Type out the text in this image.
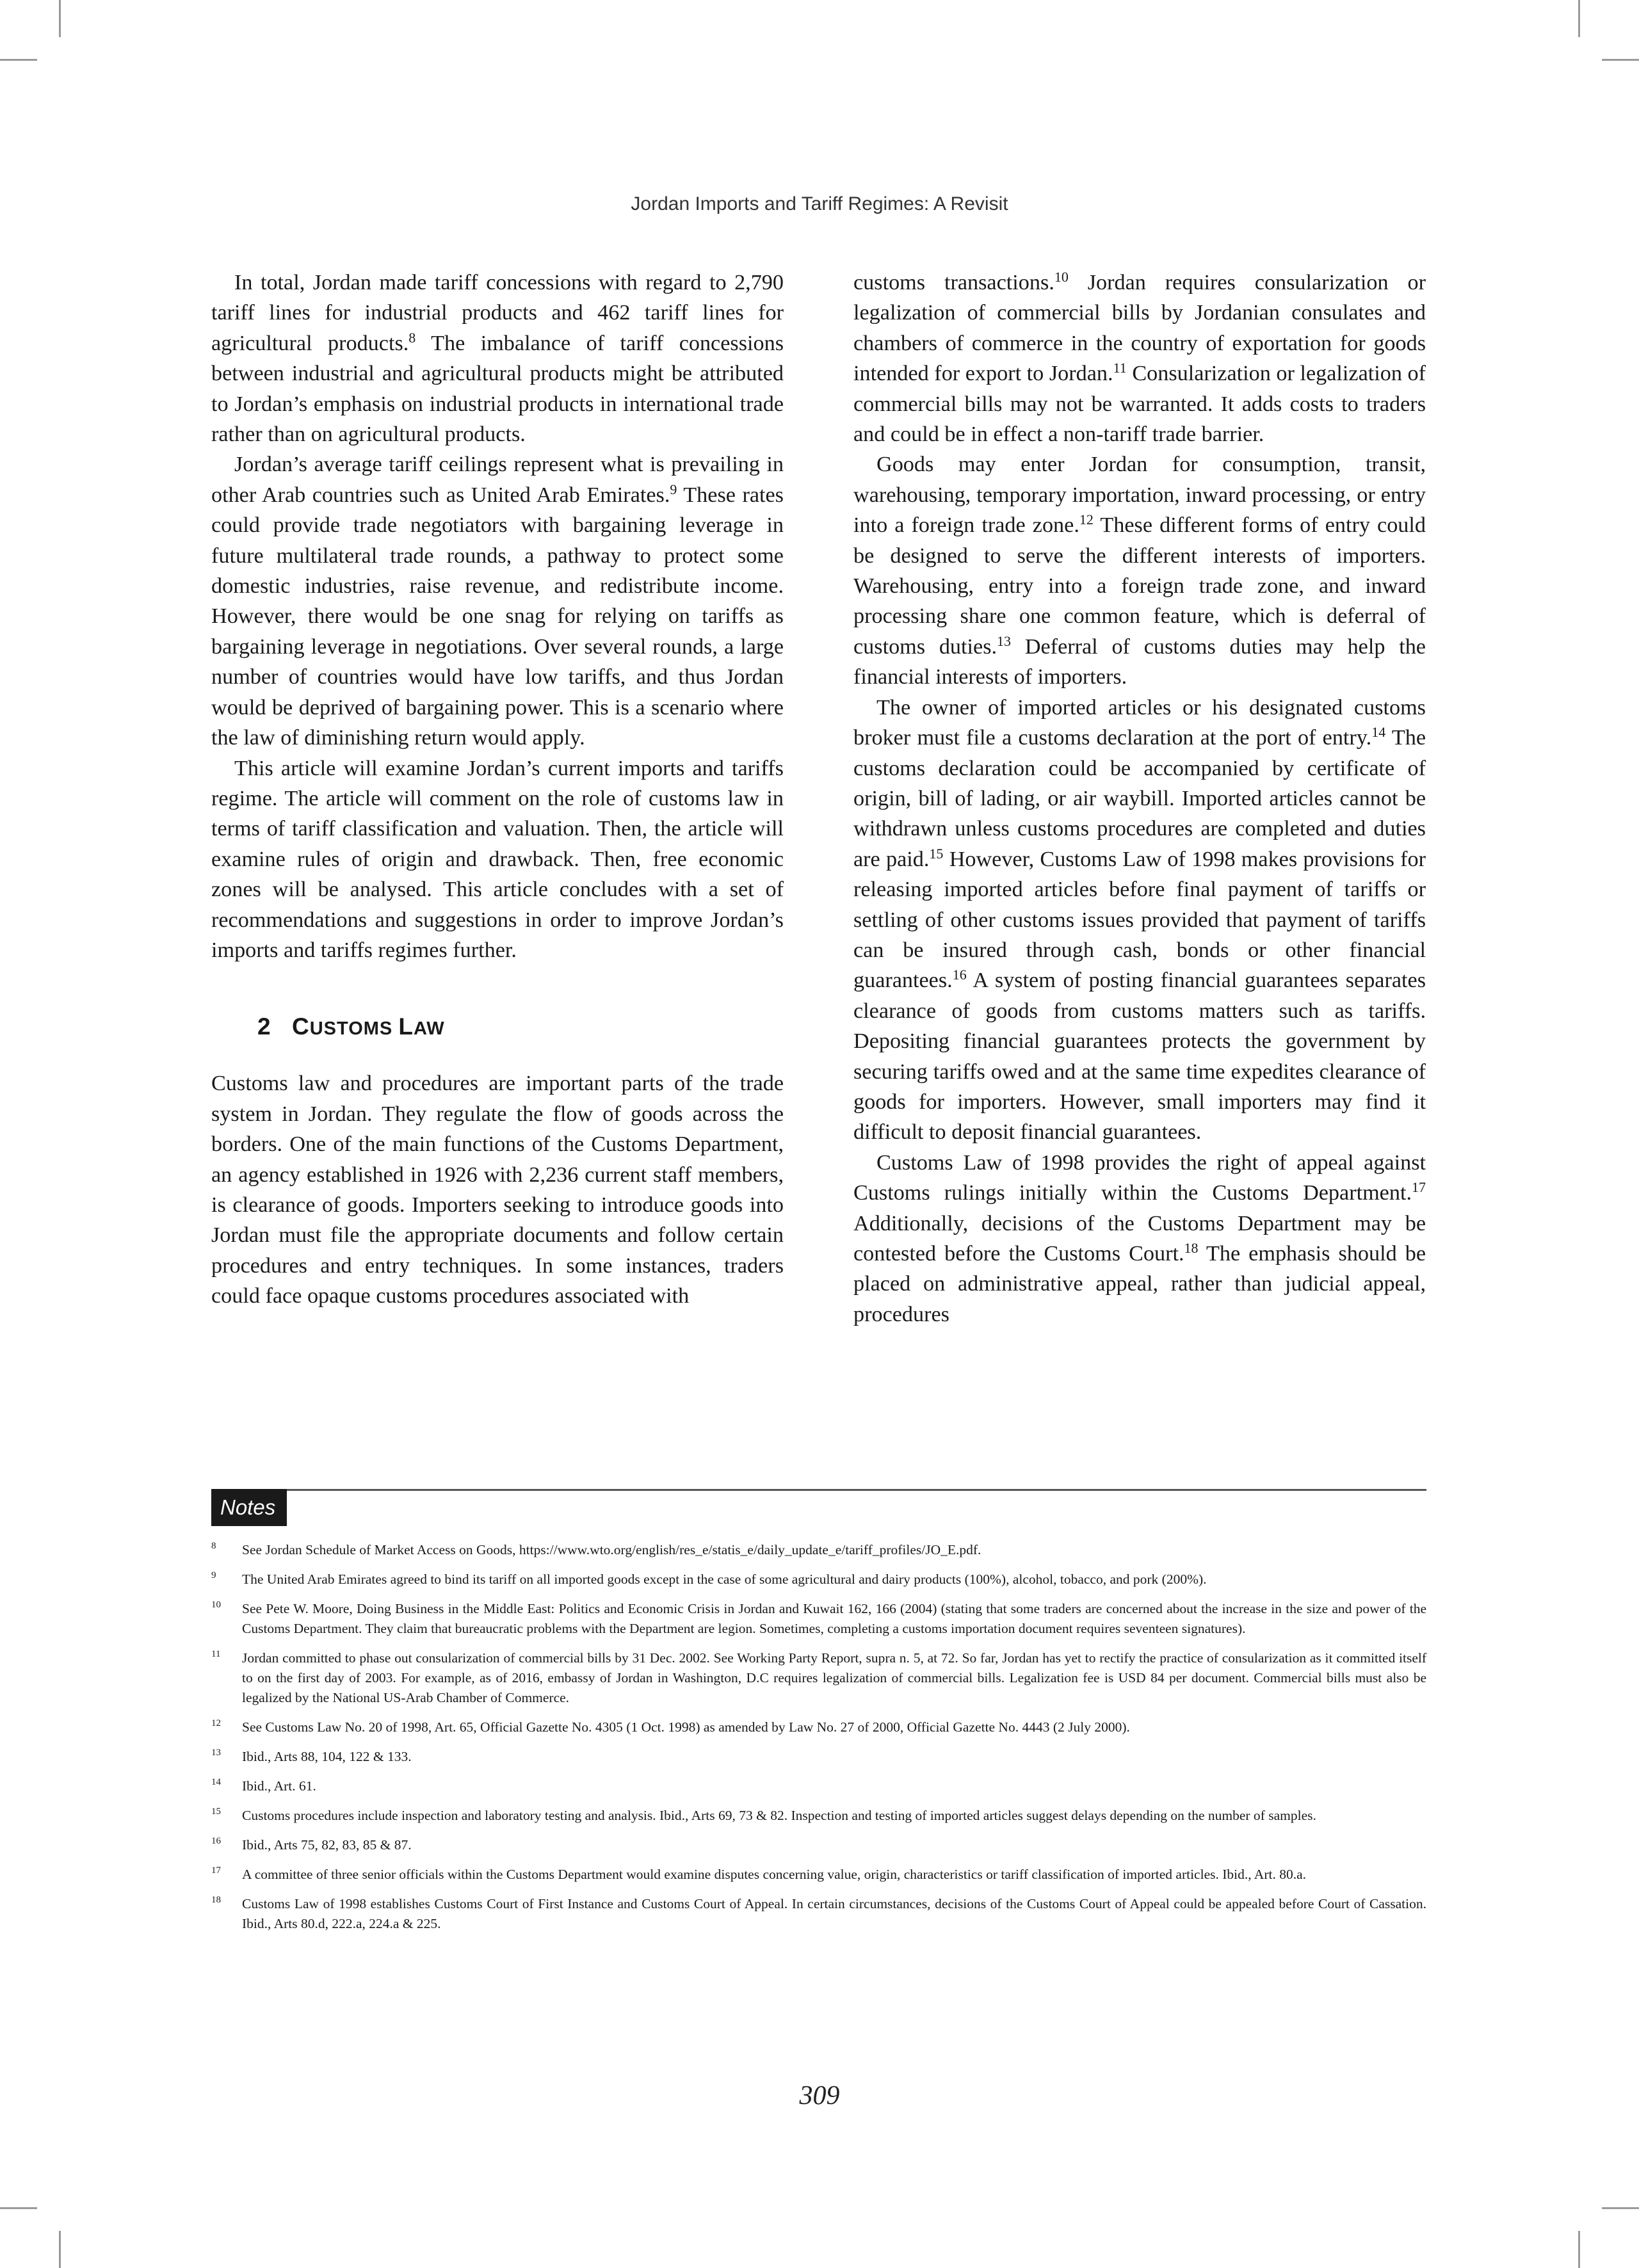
Jordan Imports and Tariff Regimes: A Revisit

In total, Jordan made tariff concessions with regard to 2,790 tariff lines for industrial products and 462 tariff lines for agricultural products.$^8$ The imbalance of tariff concessions between industrial and agricultural products might be attributed to Jordan’s emphasis on industrial products in international trade rather than on agricultural products.

Jordan’s average tariff ceilings represent what is prevailing in other Arab countries such as United Arab Emirates.$^9$ These rates could provide trade negotiators with bargaining leverage in future multilateral trade rounds, a pathway to protect some domestic industries, raise revenue, and redistribute income. However, there would be one snag for relying on tariffs as bargaining leverage in negotiations. Over several rounds, a large number of countries would have low tariffs, and thus Jordan would be deprived of bargaining power. This is a scenario where the law of diminishing return would apply.

This article will examine Jordan’s current imports and tariffs regime. The article will comment on the role of customs law in terms of tariff classification and valuation. Then, the article will examine rules of origin and drawback. Then, free economic zones will be analysed. This article concludes with a set of recommendations and suggestions in order to improve Jordan’s imports and tariffs regimes further.

2 CUSTOMS LAW

Customs law and procedures are important parts of the trade system in Jordan. They regulate the flow of goods across the borders. One of the main functions of the Customs Department, an agency established in 1926 with 2,236 current staff members, is clearance of goods. Importers seeking to introduce goods into Jordan must file the appropriate documents and follow certain procedures and entry techniques. In some instances, traders could face opaque customs procedures associated with

customs transactions.$^{10}$ Jordan requires consularization or legalization of commercial bills by Jordanian consulates and chambers of commerce in the country of exportation for goods intended for export to Jordan.$^{11}$ Consularization or legalization of commercial bills may not be warranted. It adds costs to traders and could be in effect a non-tariff trade barrier.

Goods may enter Jordan for consumption, transit, warehousing, temporary importation, inward processing, or entry into a foreign trade zone.$^{12}$ These different forms of entry could be designed to serve the different interests of importers. Warehousing, entry into a foreign trade zone, and inward processing share one common feature, which is deferral of customs duties.$^{13}$ Deferral of customs duties may help the financial interests of importers.

The owner of imported articles or his designated customs broker must file a customs declaration at the port of entry.$^{14}$ The customs declaration could be accompanied by certificate of origin, bill of lading, or air waybill. Imported articles cannot be withdrawn unless customs procedures are completed and duties are paid.$^{15}$ However, Customs Law of 1998 makes provisions for releasing imported articles before final payment of tariffs or settling of other customs issues provided that payment of tariffs can be insured through cash, bonds or other financial guarantees.$^{16}$ A system of posting financial guarantees separates clearance of goods from customs matters such as tariffs. Depositing financial guarantees protects the government by securing tariffs owed and at the same time expedites clearance of goods for importers. However, small importers may find it difficult to deposit financial guarantees.

Customs Law of 1998 provides the right of appeal against Customs rulings initially within the Customs Department.$^{17}$ Additionally, decisions of the Customs Department may be contested before the Customs Court.$^{18}$ The emphasis should be placed on administrative appeal, rather than judicial appeal, procedures

Notes
8	See Jordan Schedule of Market Access on Goods, https://www.wto.org/english/res_e/statis_e/daily_update_e/tariff_profiles/JO_E.pdf.
9	The United Arab Emirates agreed to bind its tariff on all imported goods except in the case of some agricultural and dairy products (100%), alcohol, tobacco, and pork (200%).
10	See Pete W. Moore, Doing Business in the Middle East: Politics and Economic Crisis in Jordan and Kuwait 162, 166 (2004) (stating that some traders are concerned about the increase in the size and power of the Customs Department. They claim that bureaucratic problems with the Department are legion. Sometimes, completing a customs importation document requires seventeen signatures).
11	Jordan committed to phase out consularization of commercial bills by 31 Dec. 2002. See Working Party Report, supra n. 5, at 72. So far, Jordan has yet to rectify the practice of consularization as it committed itself to on the first day of 2003. For example, as of 2016, embassy of Jordan in Washington, D.C requires legalization of commercial bills. Legalization fee is USD 84 per document. Commercial bills must also be legalized by the National US-Arab Chamber of Commerce.
12	See Customs Law No. 20 of 1998, Art. 65, Official Gazette No. 4305 (1 Oct. 1998) as amended by Law No. 27 of 2000, Official Gazette No. 4443 (2 July 2000).
13	Ibid., Arts 88, 104, 122 & 133.
14	Ibid., Art. 61.
15	Customs procedures include inspection and laboratory testing and analysis. Ibid., Arts 69, 73 & 82. Inspection and testing of imported articles suggest delays depending on the number of samples.
16	Ibid., Arts 75, 82, 83, 85 & 87.
17	A committee of three senior officials within the Customs Department would examine disputes concerning value, origin, characteristics or tariff classification of imported articles. Ibid., Art. 80.a.
18	Customs Law of 1998 establishes Customs Court of First Instance and Customs Court of Appeal. In certain circumstances, decisions of the Customs Court of Appeal could be appealed before Court of Cassation. Ibid., Arts 80.d, 222.a, 224.a & 225.
309
